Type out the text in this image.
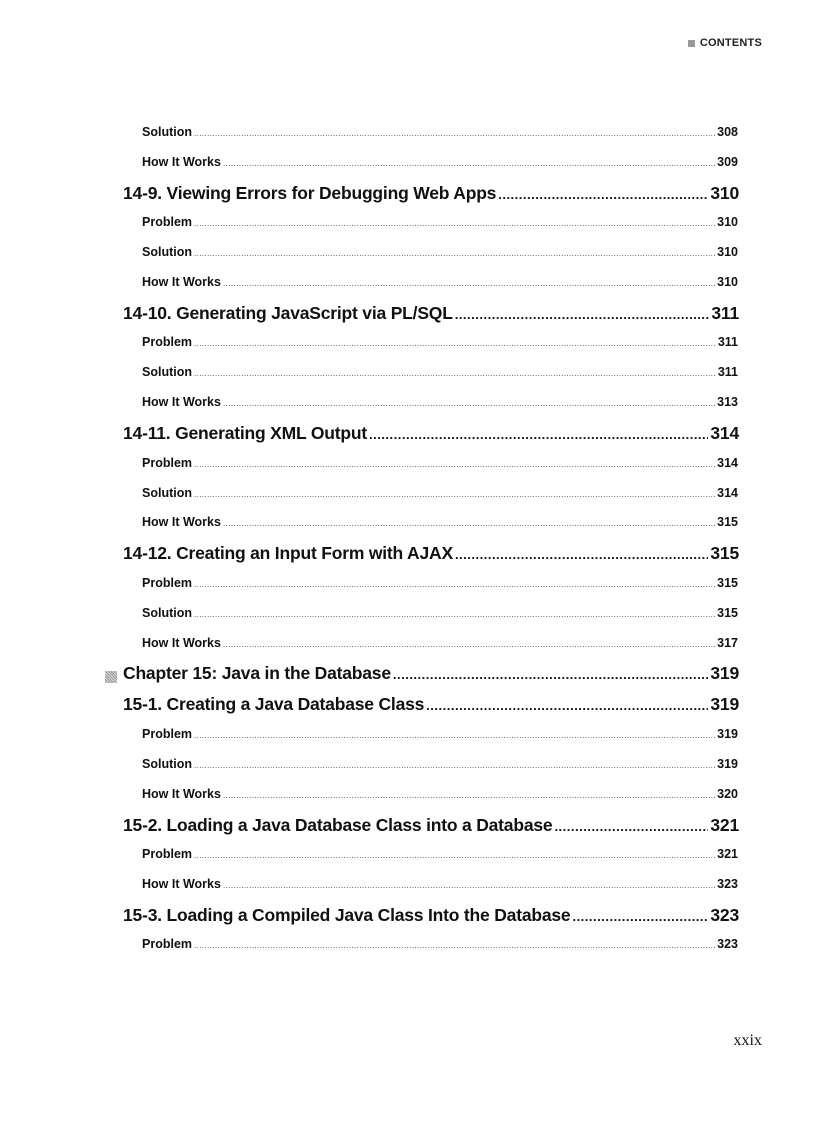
CONTENTS
Solution .....	308
How It Works .....	309
14-9. Viewing Errors for Debugging Web Apps .....	310
Problem .....	310
Solution .....	310
How It Works .....	310
14-10. Generating JavaScript via PL/SQL .....	311
Problem .....	311
Solution .....	311
How It Works .....	313
14-11. Generating XML Output .....	314
Problem .....	314
Solution .....	314
How It Works .....	315
14-12. Creating an Input Form with AJAX .....	315
Problem .....	315
Solution .....	315
How It Works .....	317
Chapter 15: Java in the Database .....	319
15-1. Creating a Java Database Class .....	319
Problem .....	319
Solution .....	319
How It Works .....	320
15-2. Loading a Java Database Class into a Database .....	321
Problem .....	321
How It Works .....	323
15-3. Loading a Compiled Java Class Into the Database .....	323
Problem .....	323
xxix
